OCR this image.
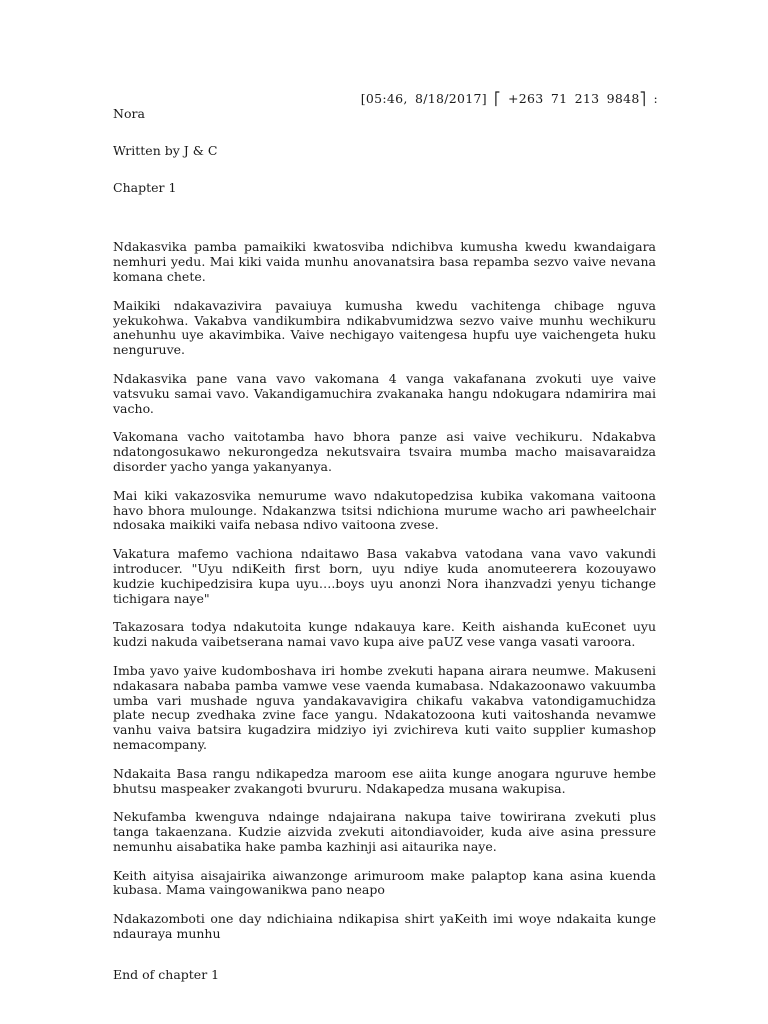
[05:46, 8/18/2017] ⎡ +263 71 213 9848⎤ :

Nora

Written by J & C

Chapter 1

Ndakasvika pamba pamaikiki kwatosviba ndichibva kumusha kwedu kwandaigara nemhuri yedu. Mai kiki vaida munhu anovanatsira basa repamba sezvo vaive nevana komana chete.

Maikiki ndakavazivira pavaiuya kumusha kwedu vachitenga chibage nguva yekukohwa. Vakabva vandikumbira ndikabvumidzwa sezvo vaive munhu wechikuru anehunhu uye akavimbika. Vaive nechigayo vaitengesa hupfu uye vaichengeta huku nenguruve.

Ndakasvika pane vana vavo vakomana 4 vanga vakafanana zvokuti uye vaive vatsvuku samai vavo. Vakandigamuchira zvakanaka hangu ndokugara ndamirira mai vacho.

Vakomana vacho vaitotamba havo bhora panze asi vaive vechikuru. Ndakabva ndatongosukawo nekurongedza nekutsvaira tsvaira mumba macho maisavaraidza disorder yacho yanga yakanyanya.

Mai kiki vakazosvika nemurume wavo ndakutopedzisa kubika vakomana vaitoona havo bhora mulounge. Ndakanzwa tsitsi ndichiona murume wacho ari pawheelchair ndosaka maikiki vaifa nebasa ndivo vaitoona zvese.

Vakatura mafemo vachiona ndaitawo Basa vakabva vatodana vana vavo vakundi introducer. "Uyu ndiKeith first born, uyu ndiye kuda anomuteerera kozouyawo kudzie kuchipedzisira kupa uyu….boys uyu anonzi Nora ihanzvadzi yenyu tichange tichigara naye"

Takazosara todya ndakutoita kunge ndakauya kare. Keith aishanda kuEconet uyu kudzi nakuda vaibetserana namai vavo kupa aive paUZ vese vanga vasati varoora.

Imba yavo yaive kudomboshava iri hombe zvekuti hapana airara neumwe. Makuseni ndakasara nababa pamba vamwe vese vaenda kumabasa. Ndakazoonawo vakuumba umba vari mushade nguva yandakavavigira chikafu vakabva vatondigamuchidza plate necup zvedhaka zvine face yangu. Ndakatozoona kuti vaitoshanda nevamwe vanhu vaiva batsira kugadzira midziyo iyi zvichireva kuti vaito supplier kumashop nemacompany.

Ndakaita Basa rangu ndikapedza maroom ese aiita kunge anogara nguruve hembe bhutsu maspeaker zvakangoti bvururu. Ndakapedza musana wakupisa.

Nekufamba kwenguva ndainge ndajairana nakupa taive towirirana zvekuti plus tanga takaenzana. Kudzie aizvida zvekuti aitondiavoider, kuda aive asina pressure nemunhu aisabatika hake pamba kazhinji asi aitaurika naye.

Keith aityisa aisajairika aiwanzonge arimuroom make palaptop kana asina kuenda kubasa. Mama vaingowanikwa pano neapo

Ndakazomboti one day ndichiaina ndikapisa shirt yaKeith imi woye ndakaita kunge ndauraya munhu

End of chapter 1
